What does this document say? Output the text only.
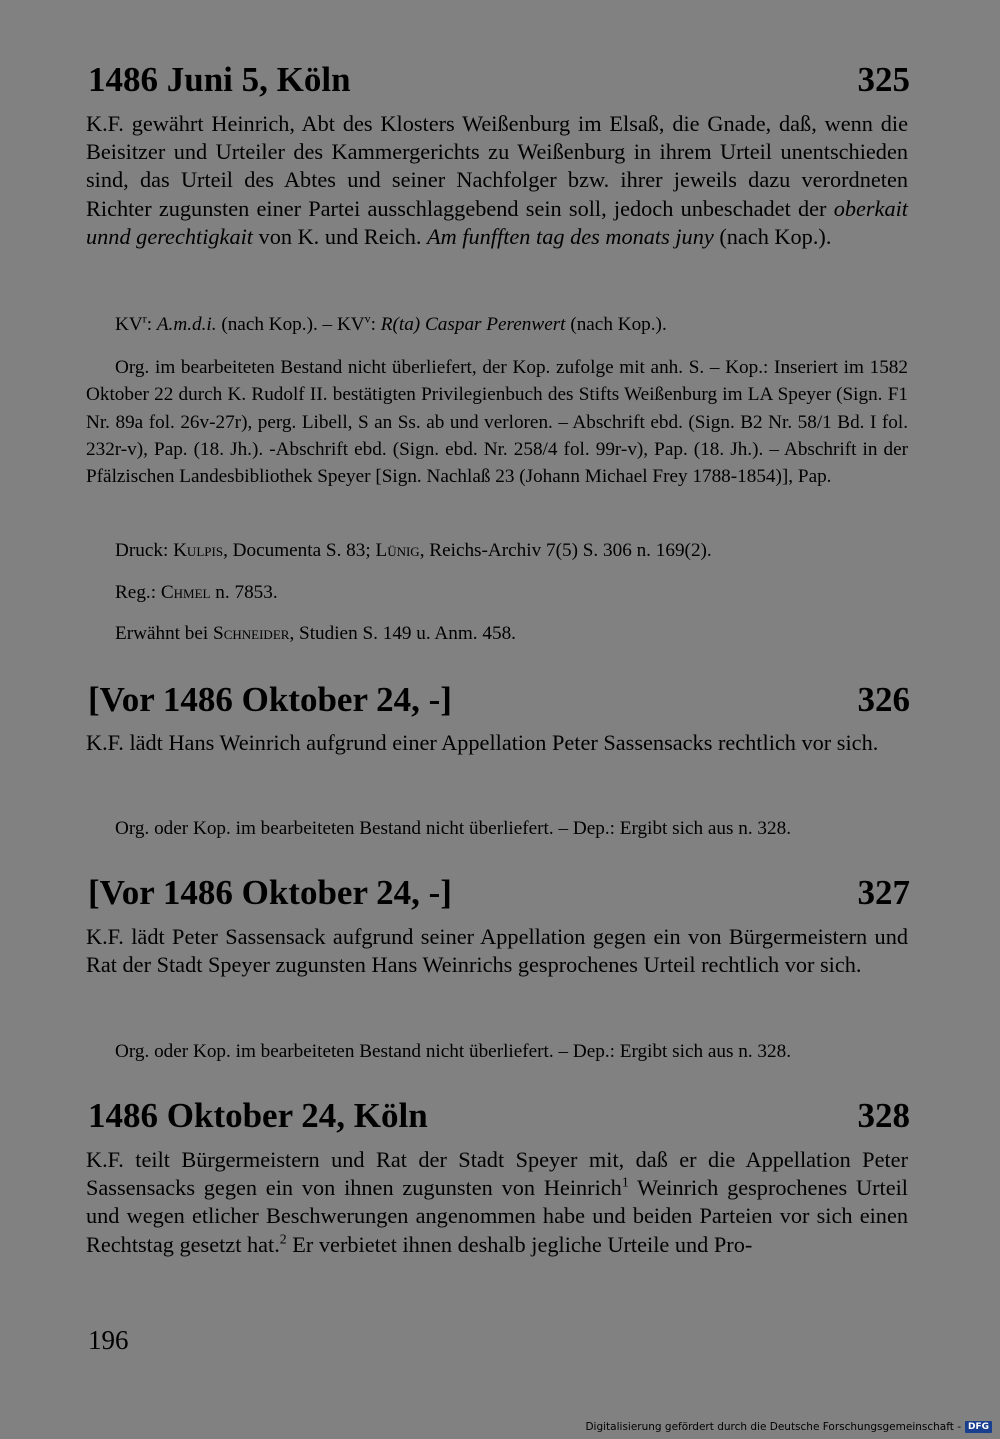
1486 Juni 5, Köln	325
K.F. gewährt Heinrich, Abt des Klosters Weißenburg im Elsaß, die Gnade, daß, wenn die Beisitzer und Urteiler des Kammergerichts zu Weißenburg in ihrem Urteil unentschieden sind, das Urteil des Abtes und seiner Nachfolger bzw. ihrer jeweils dazu verordneten Richter zugunsten einer Partei ausschlaggebend sein soll, jedoch unbeschadet der oberkait unnd gerechtigkait von K. und Reich. Am funfften tag des monats juny (nach Kop.).
$KV^r$: A.m.d.i. (nach Kop.). – $KV^v$: R(ta) Caspar Perenwert (nach Kop.).
Org. im bearbeiteten Bestand nicht überliefert, der Kop. zufolge mit anh. S. – Kop.: Inseriert im 1582 Oktober 22 durch K. Rudolf II. bestätigten Privilegienbuch des Stifts Weißenburg im LA Speyer (Sign. F1 Nr. 89a fol. 26v-27r), perg. Libell, S an Ss. ab und verloren. – Abschrift ebd. (Sign. B2 Nr. 58/1 Bd. I fol. 232r-v), Pap. (18. Jh.). -Abschrift ebd. (Sign. ebd. Nr. 258/4 fol. 99r-v), Pap. (18. Jh.). – Abschrift in der Pfälzischen Landesbibliothek Speyer [Sign. Nachlaß 23 (Johann Michael Frey 1788-1854)], Pap.
Druck: Kulpis, Documenta S. 83; Lünig, Reichs-Archiv 7(5) S. 306 n. 169(2).
Reg.: Chmel n. 7853.
Erwähnt bei Schneider, Studien S. 149 u. Anm. 458.
[Vor 1486 Oktober 24, -]	326
K.F. lädt Hans Weinrich aufgrund einer Appellation Peter Sassensacks rechtlich vor sich.
Org. oder Kop. im bearbeiteten Bestand nicht überliefert. – Dep.: Ergibt sich aus n. 328.
[Vor 1486 Oktober 24, -]	327
K.F. lädt Peter Sassensack aufgrund seiner Appellation gegen ein von Bürgermeistern und Rat der Stadt Speyer zugunsten Hans Weinrichs gesprochenes Urteil rechtlich vor sich.
Org. oder Kop. im bearbeiteten Bestand nicht überliefert. – Dep.: Ergibt sich aus n. 328.
1486 Oktober 24, Köln	328
K.F. teilt Bürgermeistern und Rat der Stadt Speyer mit, daß er die Appellation Peter Sassensacks gegen ein von ihnen zugunsten von Heinrich$^1$ Weinrich gesprochenes Urteil und wegen etlicher Beschwerungen angenommen habe und beiden Parteien vor sich einen Rechtstag gesetzt hat.$^2$ Er verbietet ihnen deshalb jegliche Urteile und Pro-
196
Digitalisierung gefördert durch die Deutsche Forschungsgemeinschaft - DFG
